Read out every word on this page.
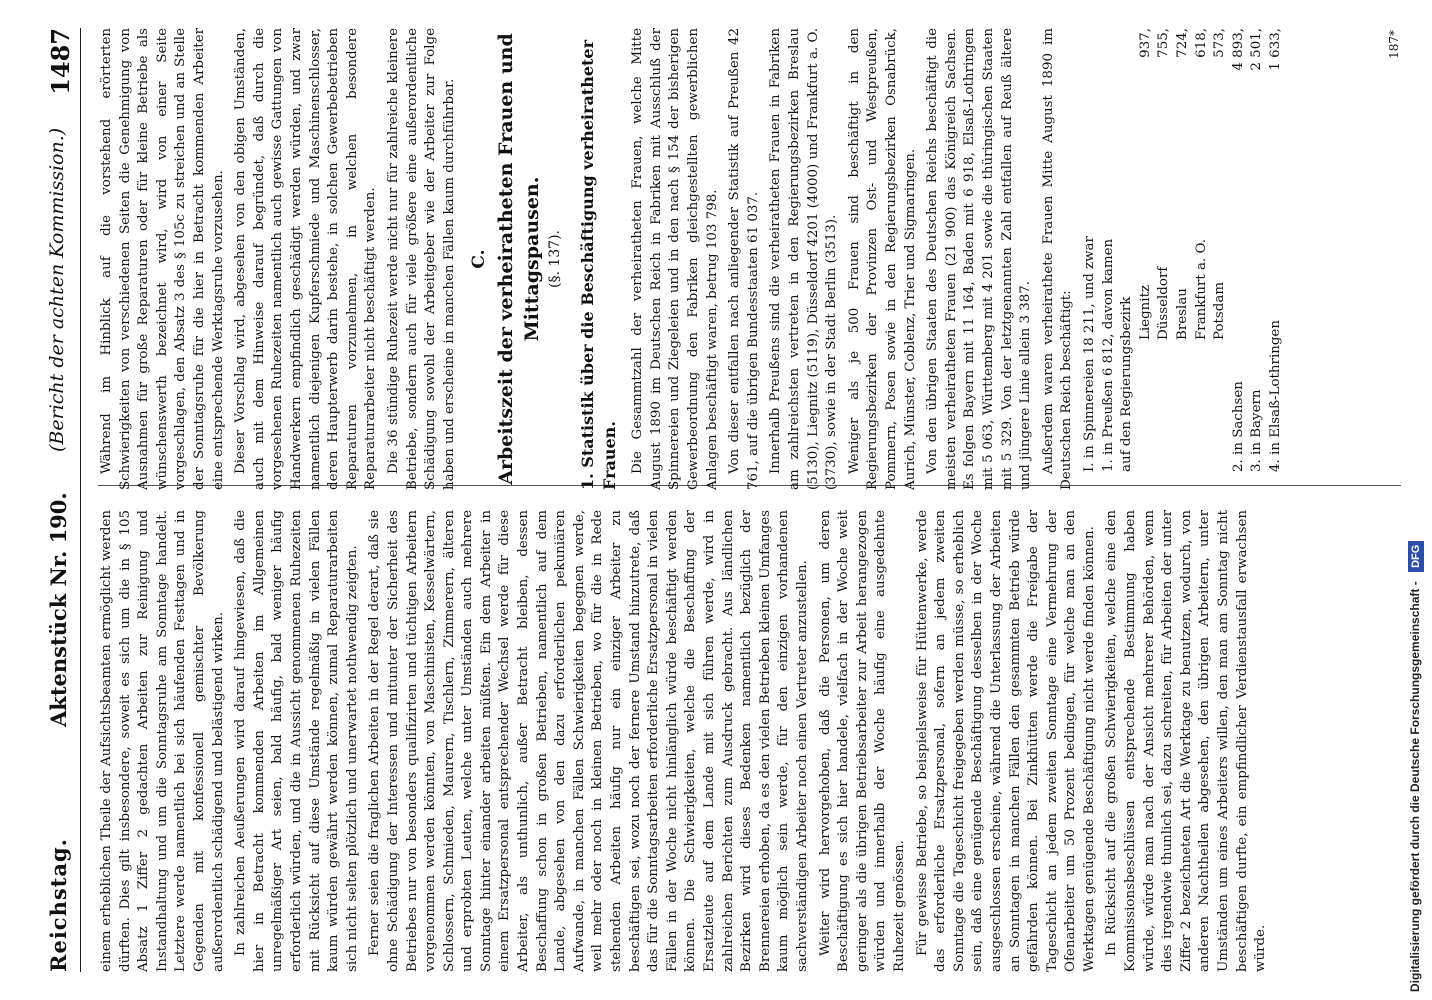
Reichstag.
Aktenstück Nr. 190.
(Bericht der achten Kommission.)
1487

einem erheblichen Theile der Aufsichtsbeamten ermöglicht werden dürften. Dies gilt insbesondere, soweit es sich um die in § 105 Absatz 1 Ziffer 2 gedachten Arbeiten zur Reinigung und Instandhaltung und um die Sonntagsruhe am Sonntage handelt. Letztere werde namentlich bei sich häufenden Festtagen und in Gegenden mit konfessionell gemischter Bevölkerung außerordentlich schädigend und belästigend wirken. In zahlreichen Aeußerungen wird darauf hingewiesen, daß die hier in Betracht kommenden Arbeiten im Allgemeinen unregelmäßiger Art seien, bald häufig, bald weniger häufig erforderlich würden, und die in Aussicht genommenen Ruhezeiten mit Rücksicht auf diese Umstände regelmäßig in vielen Fällen kaum würden gewährt werden können, zumal Reparaturarbeiten sich nicht selten plötzlich und unerwartet nothwendig zeigten. Ferner seien die fraglichen Arbeiten in der Regel derart, daß sie ohne Schädigung der Interessen und mitunter der Sicherheit des Betriebes nur von besonders qualifizirten und tüchtigen Arbeitern vorgenommen werden könnten, von Maschinisten, Kesselwärtern, Schlossern, Schmieden, Maurern, Tischlern, Zimmerern, älteren und erprobten Leuten, welche unter Umständen auch mehrere Sonntage hinter einander arbeiten müßten. Ein dem Arbeiter in einem Ersatzpersonal entsprechender Wechsel werde für diese Arbeiter, als unthunlich, außer Betracht bleiben, dessen Beschaffung schon in großen Betrieben, namentlich auf dem Lande, abgesehen von den dazu erforderlichen pekuniären Aufwande, in manchen Fällen Schwierigkeiten begegnen werde, weil mehr oder noch in kleinen Betrieben, wo für die in Rede stehenden Arbeiten häufig nur ein einziger Arbeiter zu beschäftigen sei, wozu noch der fernere Umstand hinzutrete, daß das für die Sonntagsarbeiten erforderliche Ersatzpersonal in vielen Fällen in der Woche nicht hinlänglich würde beschäftigt werden können. Die Schwierigkeiten, welche die Beschaffung der Ersatzleute auf dem Lande mit sich führen werde, wird in zahlreichen Berichten zum Ausdruck gebracht. Aus ländlichen Bezirken wird dieses Bedenken namentlich bezüglich der Brennereien erhoben, da es den vielen Betrieben kleinen Umfanges kaum möglich sein werde, für den einzigen vorhandenen sachverständigen Arbeiter noch einen Vertreter anzustellen. Weiter wird hervorgehoben, daß die Personen, um deren Beschäftigung es sich hier handele, vielfach in der Woche weit geringer als die übrigen Betriebsarbeiter zur Arbeit herangezogen würden und innerhalb der Woche häufig eine ausgedehnte Ruhezeit genössen. Für gewisse Betriebe, so beispielsweise für Hüttenwerke, werde das erforderliche Ersatzpersonal, sofern an jedem zweiten Sonntage die Tageschicht freigegeben werden müsse, so erheblich sein, daß eine genügende Beschäftigung desselben in der Woche ausgeschlossen erscheine, während die Unterlassung der Arbeiten an Sonntagen in manchen Fällen den gesammten Betrieb würde gefährden können. Bei Zinkhütten werde die Freigabe der Tageschicht an jedem zweiten Sonntage eine Vermehrung der Ofenarbeiter um 50 Prozent bedingen, für welche man an den Werktagen genügende Beschäftigung nicht werde finden können. In Rücksicht auf die großen Schwierigkeiten, welche eine den Kommissionsbeschlüssen entsprechende Bestimmung haben würde, würde man nach der Ansicht mehrerer Behörden, wenn dies irgendwie thunlich sei, dazu schreiten, für Arbeiten der unter Ziffer 2 bezeichneten Art die Werktage zu benutzen, wodurch, von anderen Nachtheilen abgesehen, den übrigen Arbeitern, unter Umständen um eines Arbeiters willen, den man am Sonntag nicht beschäftigen durfte, ein empfindlicher Verdienstausfall erwachsen würde.

Während im Hinblick auf die vorstehend erörterten Schwierigkeiten von verschiedenen Seiten die Genehmigung von Ausnahmen für große Reparaturen oder für kleine Betriebe als wünschenswerth bezeichnet wird, wird von einer Seite vorgeschlagen, den Absatz 3 des § 105c zu streichen und an Stelle der Sonntagsruhe für die hier in Betracht kommenden Arbeiter eine entsprechende Werktagsruhe vorzusehen. Dieser Vorschlag wird, abgesehen von den obigen Umständen, auch mit dem Hinweise darauf begründet, daß durch die vorgesehenen Ruhezeiten namentlich auch gewisse Gattungen von Handwerkern empfindlich geschädigt werden würden, und zwar namentlich diejenigen Kupferschmiede und Maschinenschlosser, deren Haupterwerb darin bestehe, in solchen Gewerbebetrieben Reparaturen vorzunehmen, in welchen besondere Reparaturarbeiter nicht beschäftigt werden. Die 36 stündige Ruhezeit werde nicht nur für zahlreiche kleinere Betriebe, sondern auch für viele größere eine außerordentliche Schädigung sowohl der Arbeitgeber wie der Arbeiter zur Folge haben und erscheine in manchen Fällen kaum durchführbar. C. Arbeitszeit der verheiratheten Frauen und Mittagspausen. (§. 137). 1. Statistik über die Beschäftigung verheiratheter Frauen. Die Gesammtzahl der verheiratheten Frauen, welche Mitte August 1890 im Deutschen Reich in Fabriken mit Ausschluß der Spinnereien und Ziegeleien und in den nach § 154 der bisherigen Gewerbeordnung den Fabriken gleichgestellten gewerblichen Anlagen beschäftigt waren, betrug 103 798. Von dieser entfallen nach anliegender Statistik auf Preußen 42 761, auf die übrigen Bundesstaaten 61 037. Innerhalb Preußens sind die verheiratheten Frauen in Fabriken am zahlreichsten vertreten in den Regierungsbezirken Breslau (5130), Liegnitz (5119), Düsseldorf 4201 (4000) und Frankfurt a. O. (3730), sowie in der Stadt Berlin (3513). Weniger als je 500 Frauen sind beschäftigt in den Regierungsbezirken der Provinzen Ost- und Westpreußen, Pommern, Posen sowie in den Regierungsbezirken Osnabrück, Aurich, Münster, Coblenz, Trier und Sigmaringen. Von den übrigen Staaten des Deutschen Reichs beschäftigt die meisten verheiratheten Frauen (21 900) das Königreich Sachsen. Es folgen Bayern mit 11 164, Baden mit 6 918, Elsaß-Lothringen mit 5 063, Württemberg mit 4 201 sowie die thüringischen Staaten mit 5 329. Von der letztgenannten Zahl entfallen auf Reuß ältere und jüngere Linie allein 3 387. Außerdem waren verheirathete Frauen Mitte August 1890 im Deutschen Reich beschäftigt: I. in Spinnereien 18 211, und zwar	
1. in Preußen 6 812, davon kamen	
auf den Regierungsbezirk	
Liegnitz	937,
Düsseldorf	755,
Breslau	724,
Frankfurt a. O.	618,
Potsdam	573,
2. in Sachsen	4 893,
3. in Bayern	2 501,
4. in Elsaß-Lothringen	1 633,	187*
Digitalisierung gefördert durch die Deutsche Forschungsgemeinschaft - DFG
